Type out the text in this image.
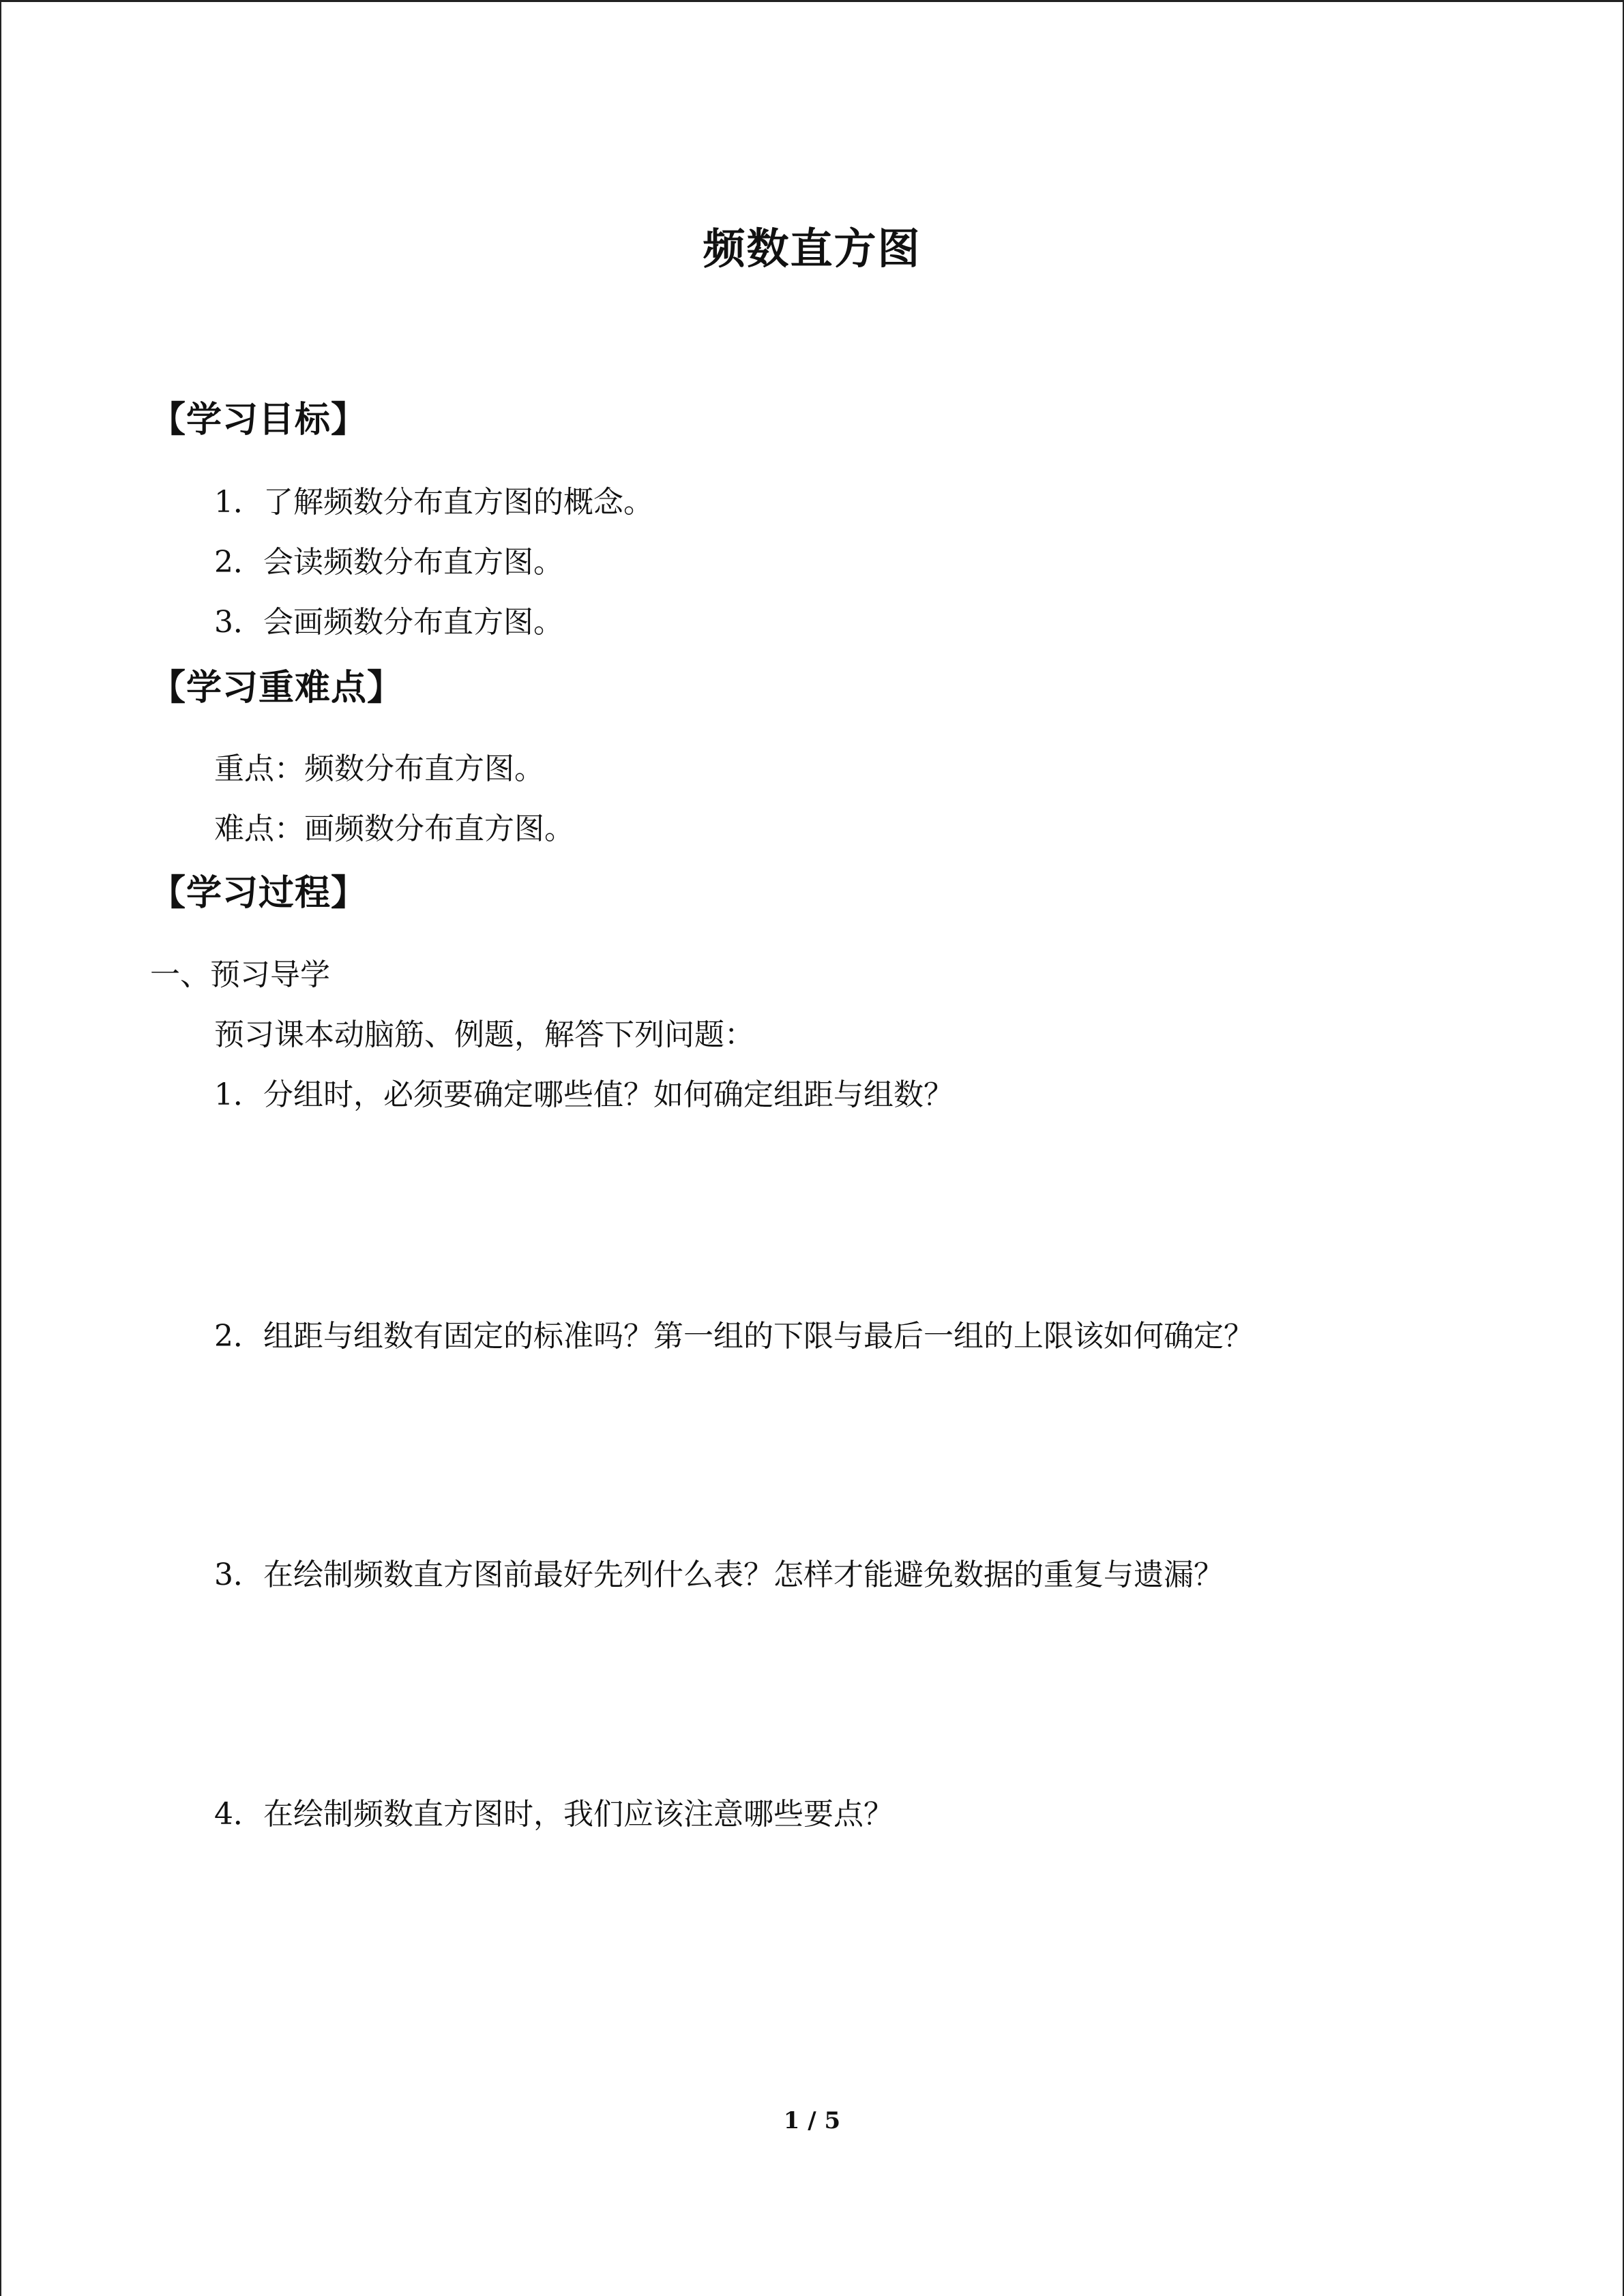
频数直方图
【学习目标】
1．了解频数分布直方图的概念。
2．会读频数分布直方图。
3．会画频数分布直方图。
【学习重难点】
重点：频数分布直方图。
难点：画频数分布直方图。
【学习过程】
一、预习导学
预习课本动脑筋、例题，解答下列问题：
1．分组时，必须要确定哪些值？如何确定组距与组数？
2．组距与组数有固定的标准吗？第一组的下限与最后一组的上限该如何确定？
3．在绘制频数直方图前最好先列什么表？怎样才能避免数据的重复与遗漏？
4．在绘制频数直方图时，我们应该注意哪些要点？
1 / 5
